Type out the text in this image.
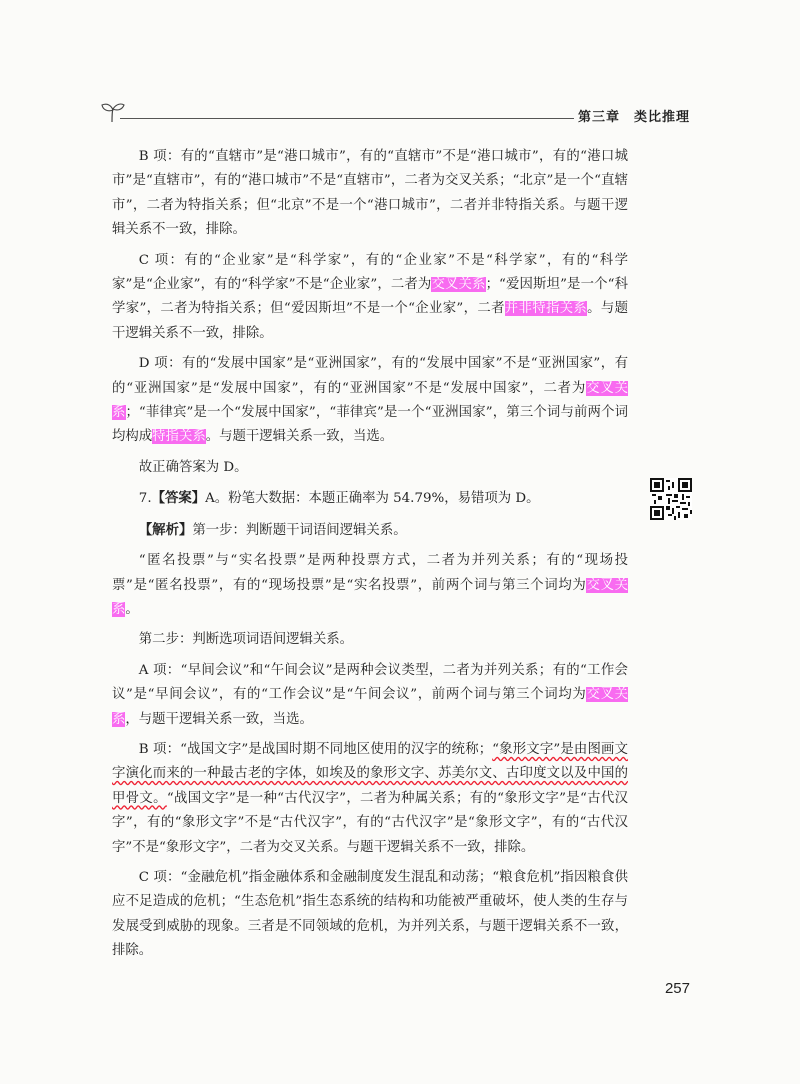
第三章 类比推理

B 项：有的“直辖市”是“港口城市”，有的“直辖市”不是“港口城市”，有的“港口城市”是“直辖市”，有的“港口城市”不是“直辖市”，二者为交叉关系；“北京”是一个“直辖市”，二者为特指关系；但“北京”不是一个“港口城市”，二者并非特指关系。与题干逻辑关系不一致，排除。

C 项：有的“企业家”是“科学家”，有的“企业家”不是“科学家”，有的“科学家”是“企业家”，有的“科学家”不是“企业家”，二者为交叉关系；“爱因斯坦”是一个“科学家”，二者为特指关系；但“爱因斯坦”不是一个“企业家”，二者并非特指关系。与题干逻辑关系不一致，排除。

D 项：有的“发展中国家”是“亚洲国家”，有的“发展中国家”不是“亚洲国家”，有的“亚洲国家”是“发展中国家”，有的“亚洲国家”不是“发展中国家”，二者为交叉关系；“菲律宾”是一个“发展中国家”，“菲律宾”是一个“亚洲国家”，第三个词与前两个词均构成特指关系。与题干逻辑关系一致，当选。

故正确答案为 D。

7.【答案】A。粉笔大数据：本题正确率为 54.79%，易错项为 D。

【解析】第一步：判断题干词语间逻辑关系。

“匿名投票”与“实名投票”是两种投票方式，二者为并列关系；有的“现场投票”是“匿名投票”，有的“现场投票”是“实名投票”，前两个词与第三个词均为交叉关系。

第二步：判断选项词语间逻辑关系。

A 项：“早间会议”和“午间会议”是两种会议类型，二者为并列关系；有的“工作会议”是“早间会议”，有的“工作会议”是“午间会议”，前两个词与第三个词均为交叉关系，与题干逻辑关系一致，当选。

B 项：“战国文字”是战国时期不同地区使用的汉字的统称；“象形文字”是由图画文字演化而来的一种最古老的字体，如埃及的象形文字、苏美尔文、古印度文以及中国的甲骨文。“战国文字”是一种“古代汉字”，二者为种属关系；有的“象形文字”是“古代汉字”，有的“象形文字”不是“古代汉字”，有的“古代汉字”是“象形文字”，有的“古代汉字”不是“象形文字”，二者为交叉关系。与题干逻辑关系不一致，排除。

C 项：“金融危机”指金融体系和金融制度发生混乱和动荡；“粮食危机”指因粮食供应不足造成的危机；“生态危机”指生态系统的结构和功能被严重破坏，使人类的生存与发展受到威胁的现象。三者是不同领域的危机，为并列关系，与题干逻辑关系不一致，排除。

257
